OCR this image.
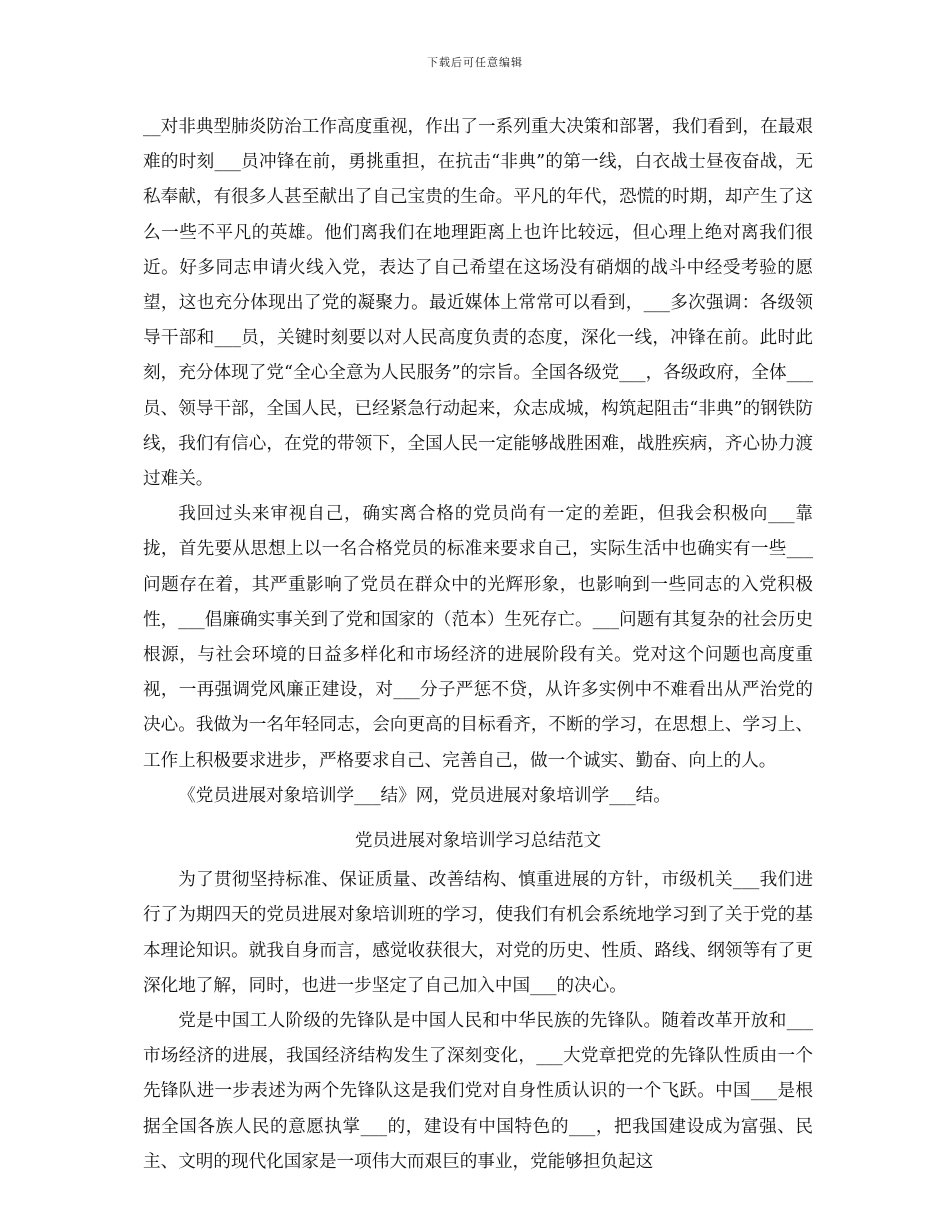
下载后可任意编辑

__对非典型肺炎防治工作高度重视，作出了一系列重大决策和部署，我们看到，在最艰难的时刻___员冲锋在前，勇挑重担，在抗击“非典”的第一线，白衣战士昼夜奋战，无私奉献，有很多人甚至献出了自己宝贵的生命。平凡的年代，恐慌的时期，却产生了这么一些不平凡的英雄。他们离我们在地理距离上也许比较远，但心理上绝对离我们很近。好多同志申请火线入党，表达了自己希望在这场没有硝烟的战斗中经受考验的愿望，这也充分体现出了党的凝聚力。最近媒体上常常可以看到，___多次强调：各级领导干部和___员，关键时刻要以对人民高度负责的态度，深化一线，冲锋在前。此时此刻，充分体现了党“全心全意为人民服务”的宗旨。全国各级党___，各级政府，全体___员、领导干部，全国人民，已经紧急行动起来，众志成城，构筑起阻击“非典”的钢铁防线，我们有信心，在党的带领下，全国人民一定能够战胜困难，战胜疾病，齐心协力渡过难关。

我回过头来审视自己，确实离合格的党员尚有一定的差距，但我会积极向___靠拢，首先要从思想上以一名合格党员的标准来要求自己，实际生活中也确实有一些___问题存在着，其严重影响了党员在群众中的光辉形象，也影响到一些同志的入党积极性，___倡廉确实事关到了党和国家的（范本）生死存亡。___问题有其复杂的社会历史根源，与社会环境的日益多样化和市场经济的进展阶段有关。党对这个问题也高度重视，一再强调党风廉正建设，对___分子严惩不贷，从许多实例中不难看出从严治党的决心。我做为一名年轻同志，会向更高的目标看齐，不断的学习，在思想上、学习上、工作上积极要求进步，严格要求自己、完善自己，做一个诚实、勤奋、向上的人。

《党员进展对象培训学___结》网，党员进展对象培训学___结。

党员进展对象培训学习总结范文

为了贯彻坚持标准、保证质量、改善结构、慎重进展的方针，市级机关___我们进行了为期四天的党员进展对象培训班的学习，使我们有机会系统地学习到了关于党的基本理论知识。就我自身而言，感觉收获很大，对党的历史、性质、路线、纲领等有了更深化地了解，同时，也进一步坚定了自己加入中国___的决心。

党是中国工人阶级的先锋队是中国人民和中华民族的先锋队。随着改革开放和___市场经济的进展，我国经济结构发生了深刻变化，___大党章把党的先锋队性质由一个先锋队进一步表述为两个先锋队这是我们党对自身性质认识的一个飞跃。中国___是根据全国各族人民的意愿执掌___的，建设有中国特色的___，把我国建设成为富强、民主、文明的现代化国家是一项伟大而艰巨的事业，党能够担负起这
